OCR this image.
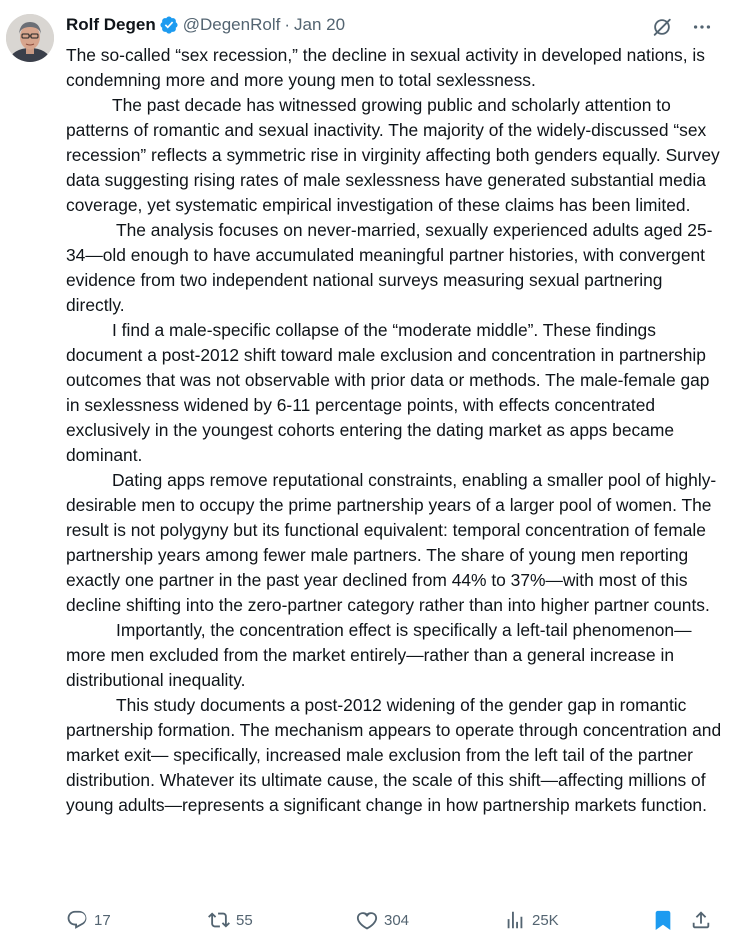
Rolf Degen @DegenRolf · Jan 20

The so-called “sex recession,” the decline in sexual activity in developed nations, is condemning more and more young men to total sexlessness.

The past decade has witnessed growing public and scholarly attention to patterns of romantic and sexual inactivity. The majority of the widely-discussed “sex recession” reflects a symmetric rise in virginity affecting both genders equally. Survey data suggesting rising rates of male sexlessness have generated substantial media coverage, yet systematic empirical investigation of these claims has been limited.

The analysis focuses on never-married, sexually experienced adults aged 25-34—old enough to have accumulated meaningful partner histories, with convergent evidence from two independent national surveys measuring sexual partnering directly.

I find a male-specific collapse of the “moderate middle”. These findings document a post-2012 shift toward male exclusion and concentration in partnership outcomes that was not observable with prior data or methods. The male-female gap in sexlessness widened by 6-11 percentage points, with effects concentrated exclusively in the youngest cohorts entering the dating market as apps became dominant.

Dating apps remove reputational constraints, enabling a smaller pool of highly-desirable men to occupy the prime partnership years of a larger pool of women. The result is not polygyny but its functional equivalent: temporal concentration of female partnership years among fewer male partners. The share of young men reporting exactly one partner in the past year declined from 44% to 37%—with most of this decline shifting into the zero-partner category rather than into higher partner counts.

Importantly, the concentration effect is specifically a left-tail phenomenon—more men excluded from the market entirely—rather than a general increase in distributional inequality.

This study documents a post-2012 widening of the gender gap in romantic partnership formation. The mechanism appears to operate through concentration and market exit— specifically, increased male exclusion from the left tail of the partner distribution. Whatever its ultimate cause, the scale of this shift—affecting millions of young adults—represents a significant change in how partnership markets function.

17	55	304	25K
